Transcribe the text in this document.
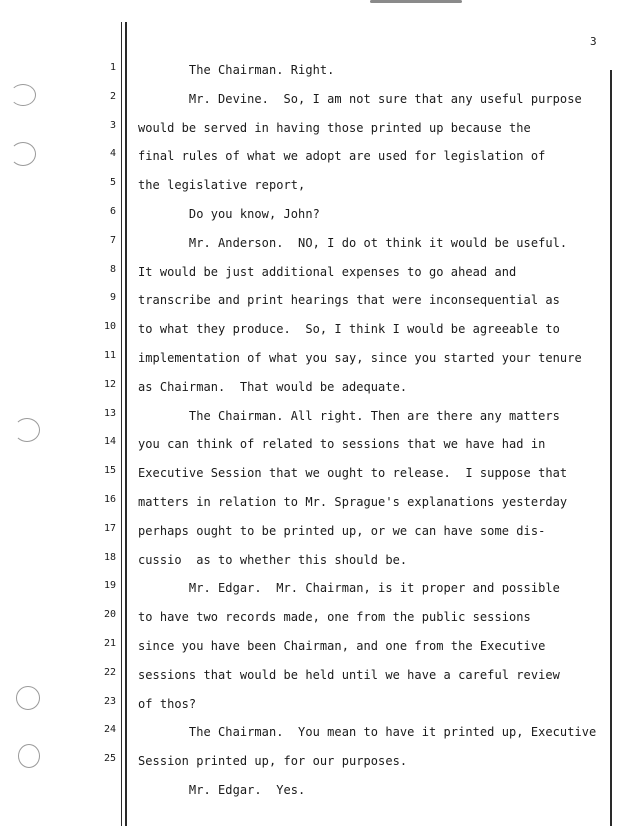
3
1 The Chairman. Right.
2 Mr. Devine.  So, I am not sure that any useful purpose
3 would be served in having those printed up because the
4 final rules of what we adopt are used for legislation of
5 the legislative report,
6 Do you know, John?
7 Mr. Anderson.  NO, I do ot think it would be useful.
8 It would be just additional expenses to go ahead and
9 transcribe and print hearings that were inconsequential as
10 to what they produce.  So, I think I would be agreeable to
11 implementation of what you say, since you started your tenure
12 as Chairman.  That would be adequate.
13 The Chairman. All right. Then are there any matters
14 you can think of related to sessions that we have had in
15 Executive Session that we ought to release.  I suppose that
16 matters in relation to Mr. Sprague's explanations yesterday
17 perhaps ought to be printed up, or we can have some dis-
18 cussio  as to whether this should be.
19 Mr. Edgar.  Mr. Chairman, is it proper and possible
20 to have two records made, one from the public sessions
21 since you have been Chairman, and one from the Executive
22 sessions that would be held until we have a careful review
23 of thos?
24 The Chairman.  You mean to have it printed up, Executive
25 Session printed up, for our purposes.
Mr. Edgar.  Yes.
